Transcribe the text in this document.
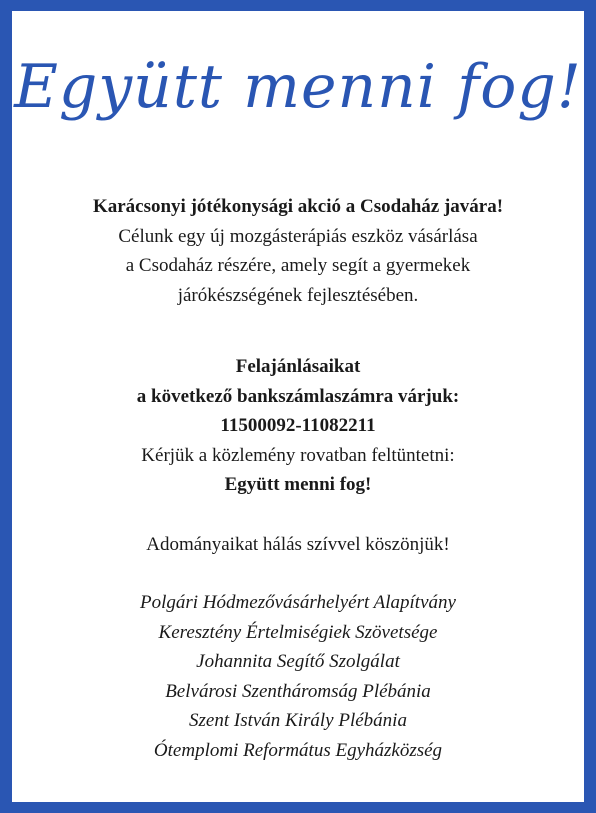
Együtt menni fog!
Karácsonyi jótékonysági akció a Csodaház javára!
Célunk egy új mozgásterápiás eszköz vásárlása
a Csodaház részére, amely segít a gyermekek
járókészségének fejlesztésében.
Felajánlásaikat
a következő bankszámlaszámra várjuk:
11500092-11082211
Kérjük a közlemény rovatban feltüntetni:
Együtt menni fog!
Adományaikat hálás szívvel köszönjük!
Polgári Hódmezővásárhelyért Alapítvány
Keresztény Értelmiségiek Szövetsége
Johannita Segítő Szolgálat
Belvárosi Szentháromság Plébánia
Szent István Király Plébánia
Ótemplomi Református Egyházközség
